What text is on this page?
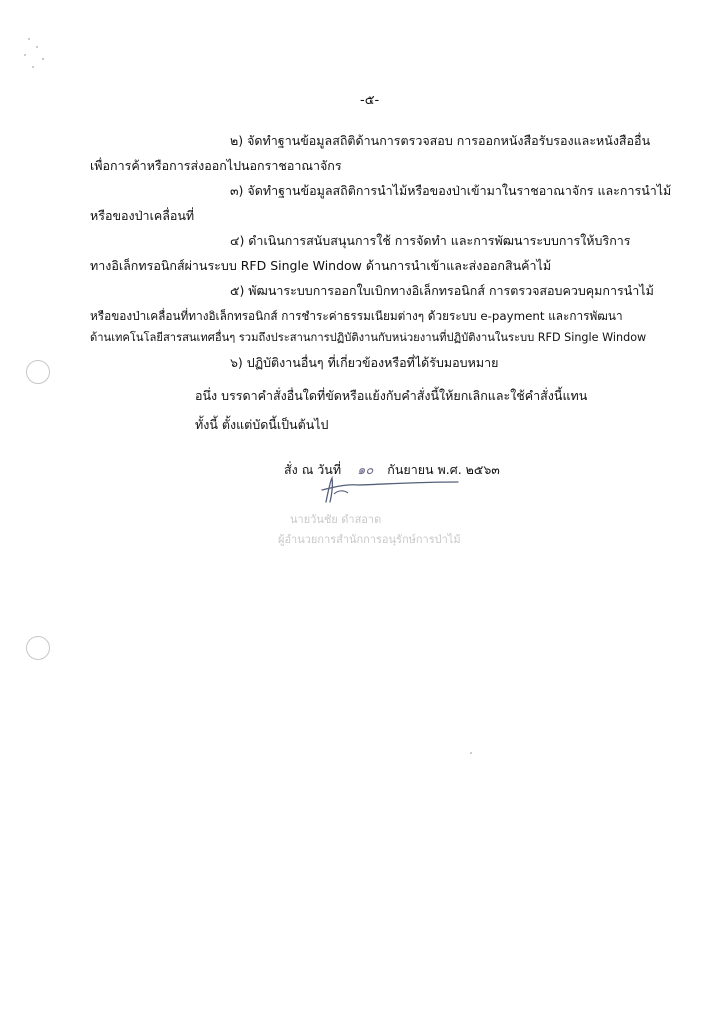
-๕-
๒) จัดทำฐานข้อมูลสถิติด้านการตรวจสอบ การออกหนังสือรับรองและหนังสืออื่น
เพื่อการค้าหรือการส่งออกไปนอกราชอาณาจักร
๓) จัดทำฐานข้อมูลสถิติการนำไม้หรือของป่าเข้ามาในราชอาณาจักร และการนำไม้
หรือของป่าเคลื่อนที่
๔) ดำเนินการสนับสนุนการใช้ การจัดทำ และการพัฒนาระบบการให้บริการ
ทางอิเล็กทรอนิกส์ผ่านระบบ RFD Single Window ด้านการนำเข้าและส่งออกสินค้าไม้
๕) พัฒนาระบบการออกใบเบิกทางอิเล็กทรอนิกส์ การตรวจสอบควบคุมการนำไม้
หรือของป่าเคลื่อนที่ทางอิเล็กทรอนิกส์ การชำระค่าธรรมเนียมต่างๆ ด้วยระบบ e-payment และการพัฒนา
ด้านเทคโนโลยีสารสนเทศอื่นๆ รวมถึงประสานการปฏิบัติงานกับหน่วยงานที่ปฏิบัติงานในระบบ RFD Single Window
๖) ปฏิบัติงานอื่นๆ ที่เกี่ยวข้องหรือที่ได้รับมอบหมาย
อนึ่ง บรรดาคำสั่งอื่นใดที่ขัดหรือแย้งกับคำสั่งนี้ให้ยกเลิกและใช้คำสั่งนี้แทน
ทั้งนี้ ตั้งแต่บัดนี้เป็นต้นไป
สั่ง ณ วันที่ ๑๐ กันยายน พ.ศ. ๒๕๖๓
นายวันชัย ดำสอาด
ผู้อำนวยการสำนักการอนุรักษ์การป่าไม้
